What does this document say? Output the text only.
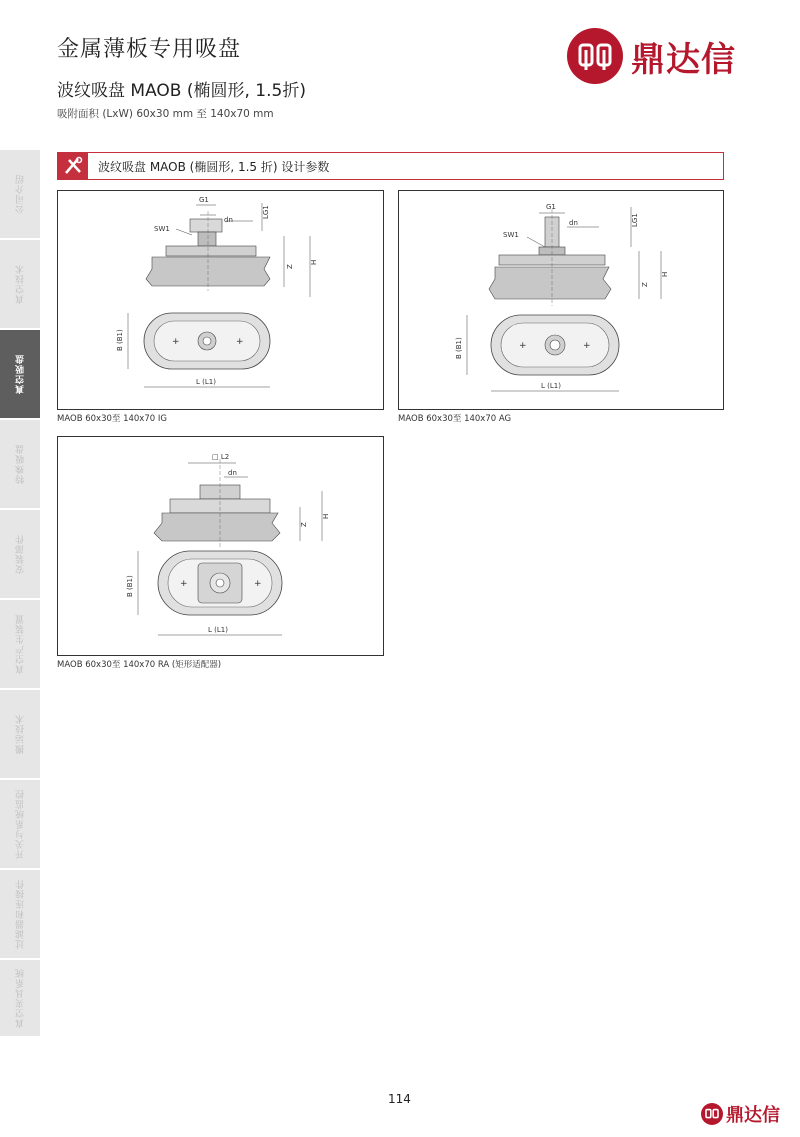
公司介绍
真空技术
真空吸盘
特殊吸盘
安装部件
真空产生装置
搬运技术
开关与系统监控
过滤器和连接件
真空夹具系统
金属薄板专用吸盘
波纹吸盘 MAOB (椭圆形, 1.5折)
吸附面积 (LxW) 60x30 mm 至 140x70 mm
鼎达信
波纹吸盘 MAOB (椭圆形, 1.5 折) 设计参数
G1
dn
SW1
LG1
Z
H
+	+
B (B1)
L (L1)
MAOB 60x30至 140x70 IG
G1
dn
SW1
LG1
Z
H
+	+
B (B1)
L (L1)
MAOB 60x30至 140x70 AG
□ L2
dn
Z
H
+	+
B (B1)
L (L1)
MAOB 60x30至 140x70 RA (矩形适配器)
114
鼎达信
